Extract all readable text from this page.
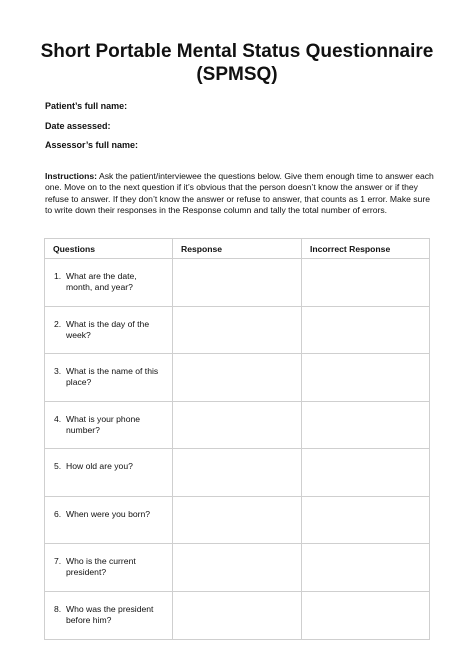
Short Portable Mental Status Questionnaire
(SPMSQ)
Patient’s full name:
Date assessed:
Assessor’s full name:

Instructions: Ask the patient/interviewee the questions below. Give them enough time to answer each one. Move on to the next question if it’s obvious that the person doesn’t know the answer or if they refuse to answer. If they don’t know the answer or refuse to answer, that counts as 1 error. Make sure to write down their responses in the Response column and tally the total number of errors.

Questions	Response	Incorrect Response

1. What are the date, month, and year?		

2. What is the day of the week?		

3. What is the name of this place?		

4. What is your phone number?		

5. How old are you?		

6. When were you born?		

7. Who is the current president?		

8. Who was the president before him?		
